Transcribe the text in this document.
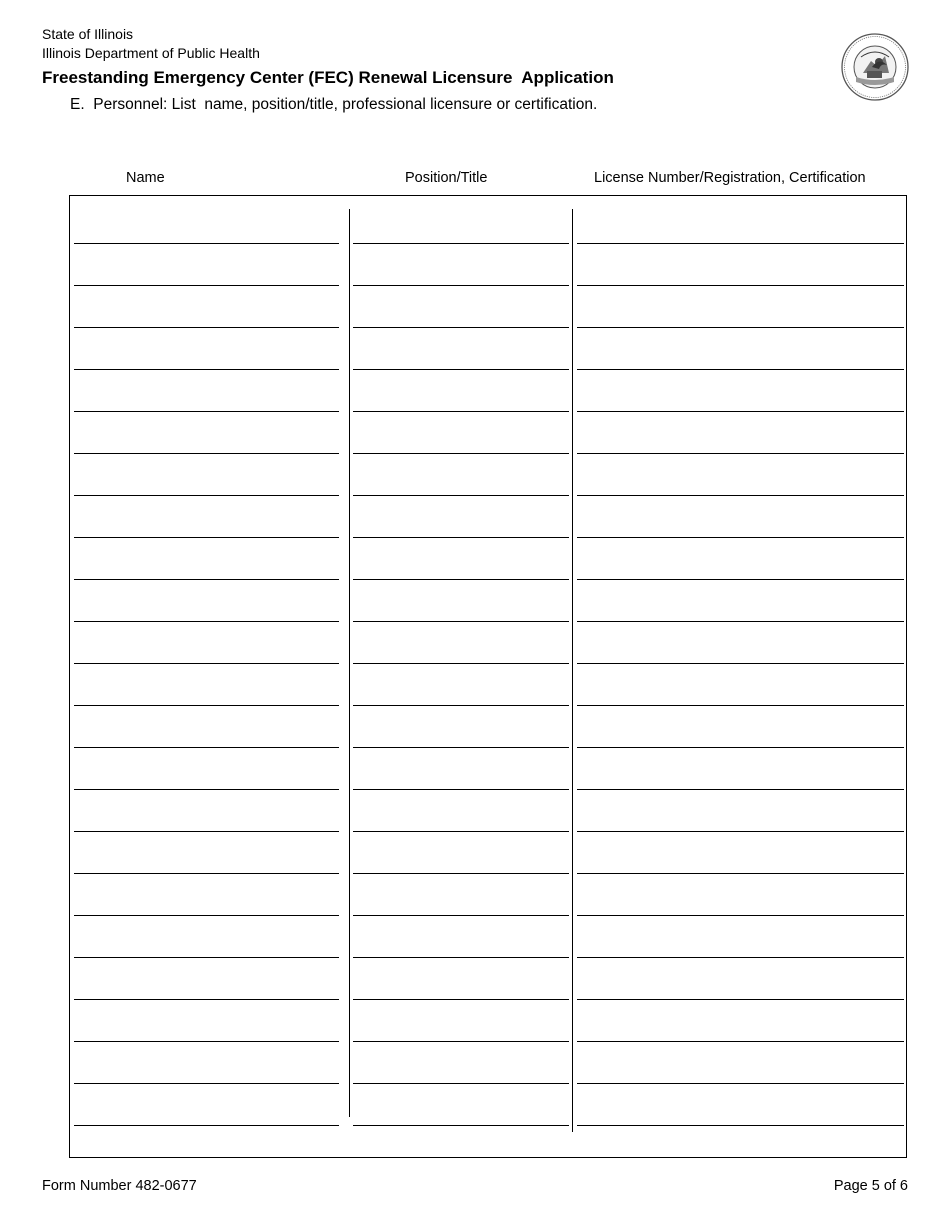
State of Illinois
Illinois Department of Public Health
Freestanding Emergency Center (FEC) Renewal Licensure  Application
E.  Personnel: List  name, position/title, professional licensure or certification.
Name	Position/Title	License Number/Registration, Certification
Form Number 482-0677	Page 5 of 6
